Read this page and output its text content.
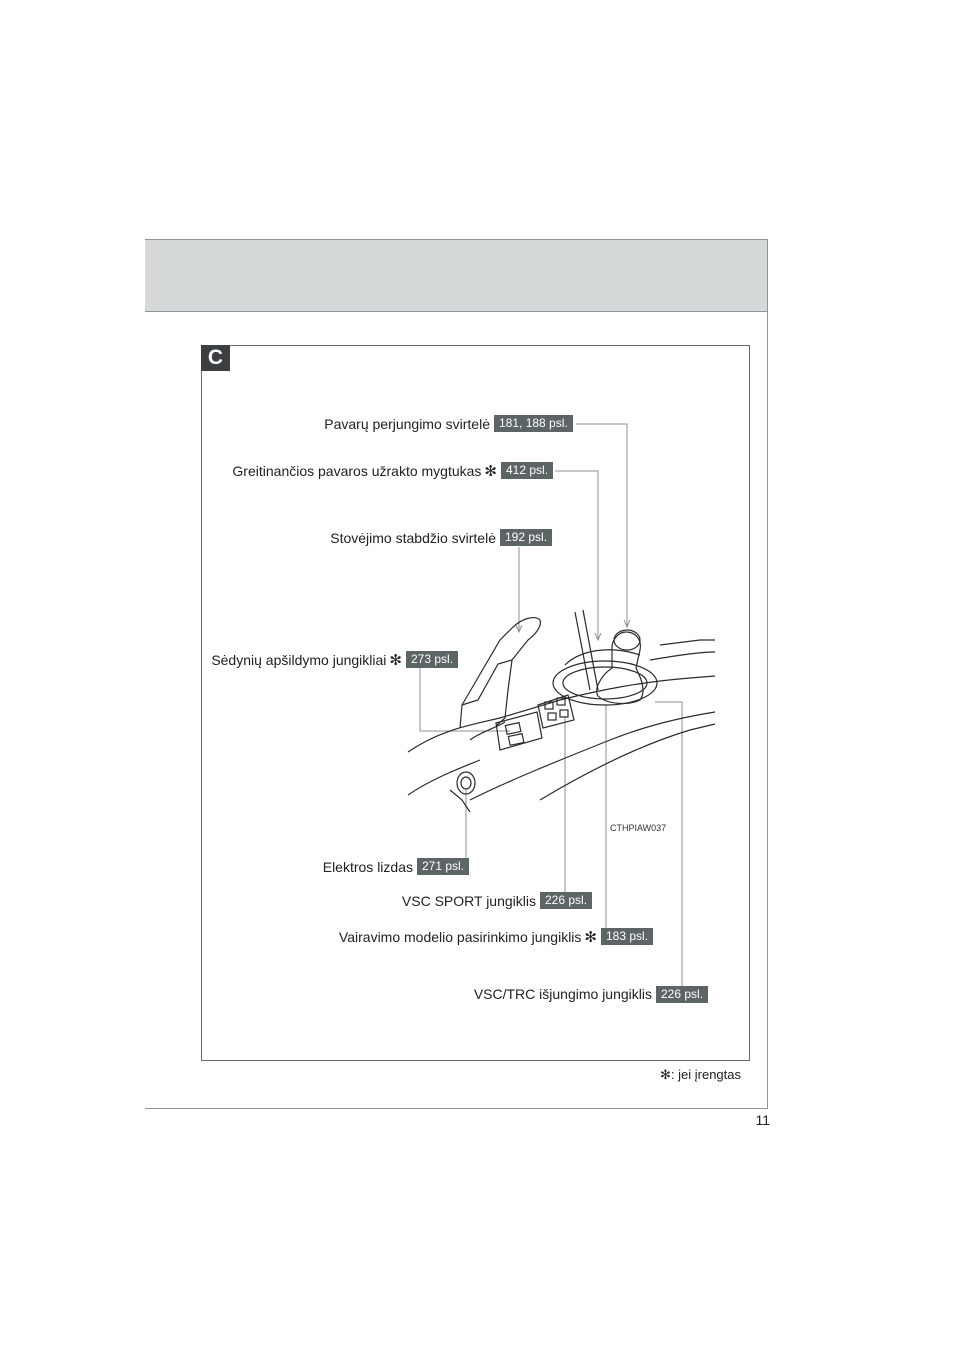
C
CTHPIAW037
Pavarų perjungimo svirtelė 181, 188 psl.
Greitinančios pavaros užrakto mygtukas ✻ 412 psl.
Stovėjimo stabdžio svirtelė 192 psl.
Sėdynių apšildymo jungikliai ✻ 273 psl.
Elektros lizdas 271 psl.
VSC SPORT jungiklis 226 psl.
Vairavimo modelio pasirinkimo jungiklis ✻ 183 psl.
VSC/TRC išjungimo jungiklis 226 psl.
✻: jei įrengtas
11
